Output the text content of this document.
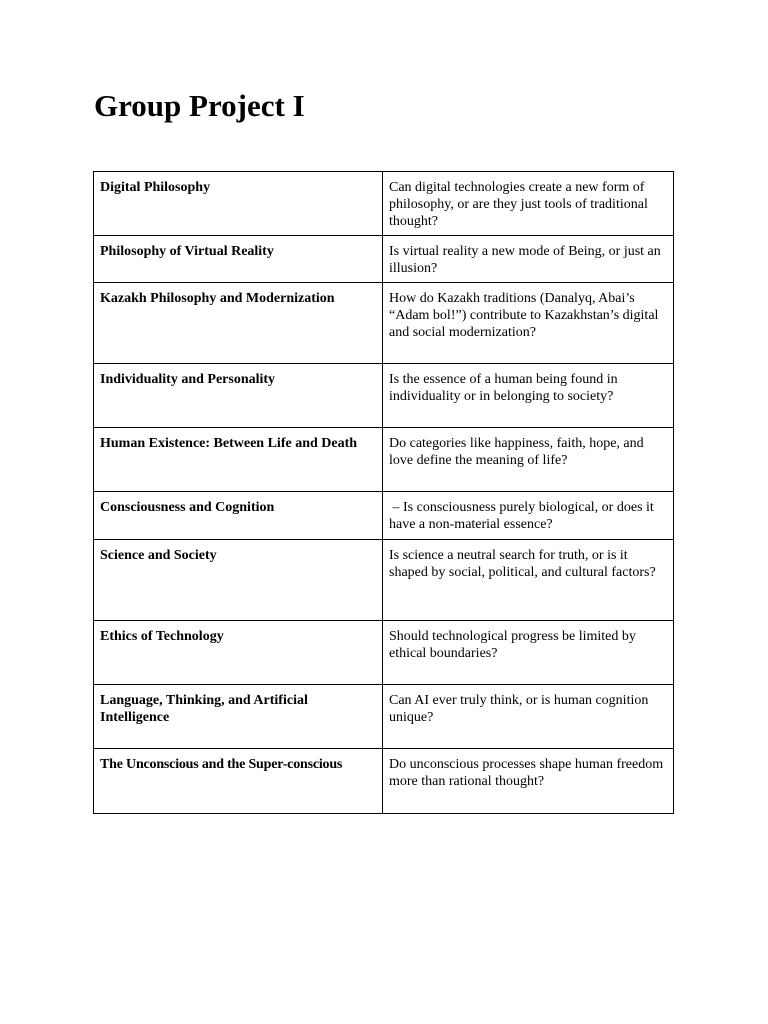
Group Project I
Digital Philosophy	Can digital technologies create a new form of philosophy, or are they just tools of traditional thought?
Philosophy of Virtual Reality	Is virtual reality a new mode of Being, or just an illusion?
Kazakh Philosophy and Modernization	How do Kazakh traditions (Danalyq, Abai’s “Adam bol!”) contribute to Kazakhstan’s digital and social modernization?
Individuality and Personality	Is the essence of a human being found in individuality or in belonging to society?
Human Existence: Between Life and Death	Do categories like happiness, faith, hope, and love define the meaning of life?
Consciousness and Cognition	– Is consciousness purely biological, or does it have a non-material essence?
Science and Society	Is science a neutral search for truth, or is it shaped by social, political, and cultural factors?
Ethics of Technology	Should technological progress be limited by ethical boundaries?
Language, Thinking, and Artificial Intelligence	Can AI ever truly think, or is human cognition unique?
The Unconscious and the Super-conscious	Do unconscious processes shape human freedom more than rational thought?
